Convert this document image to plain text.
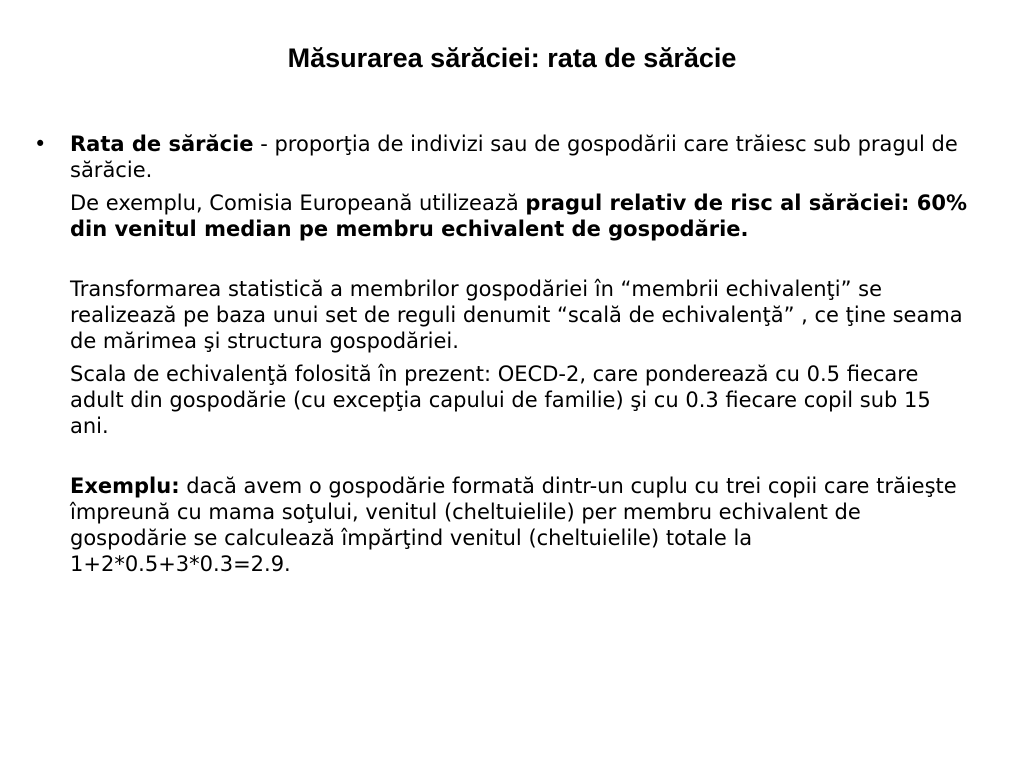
Măsurarea sărăciei: rata de sărăcie
• Rata de sărăcie - proporţia de indivizi sau de gospodării care trăiesc sub pragul de sărăcie.
De exemplu, Comisia Europeană utilizează pragul relativ de risc al sărăciei: 60% din venitul median pe membru echivalent de gospodărie.
Transformarea statistică a membrilor gospodăriei în “membrii echivalenţi” se realizează pe baza unui set de reguli denumit “scală de echivalenţă” , ce ţine seama de mărimea şi structura gospodăriei.
Scala de echivalenţă folosită în prezent: OECD-2, care ponderează cu 0.5 fiecare adult din gospodărie (cu excepţia capului de familie) şi cu 0.3 fiecare copil sub 15 ani.
Exemplu: dacă avem o gospodărie formată dintr-un cuplu cu trei copii care trăieşte împreună cu mama soţului, venitul (cheltuielile) per membru echivalent de gospodărie se calculează împărţind venitul (cheltuielile) totale la 1+2*0.5+3*0.3=2.9.
